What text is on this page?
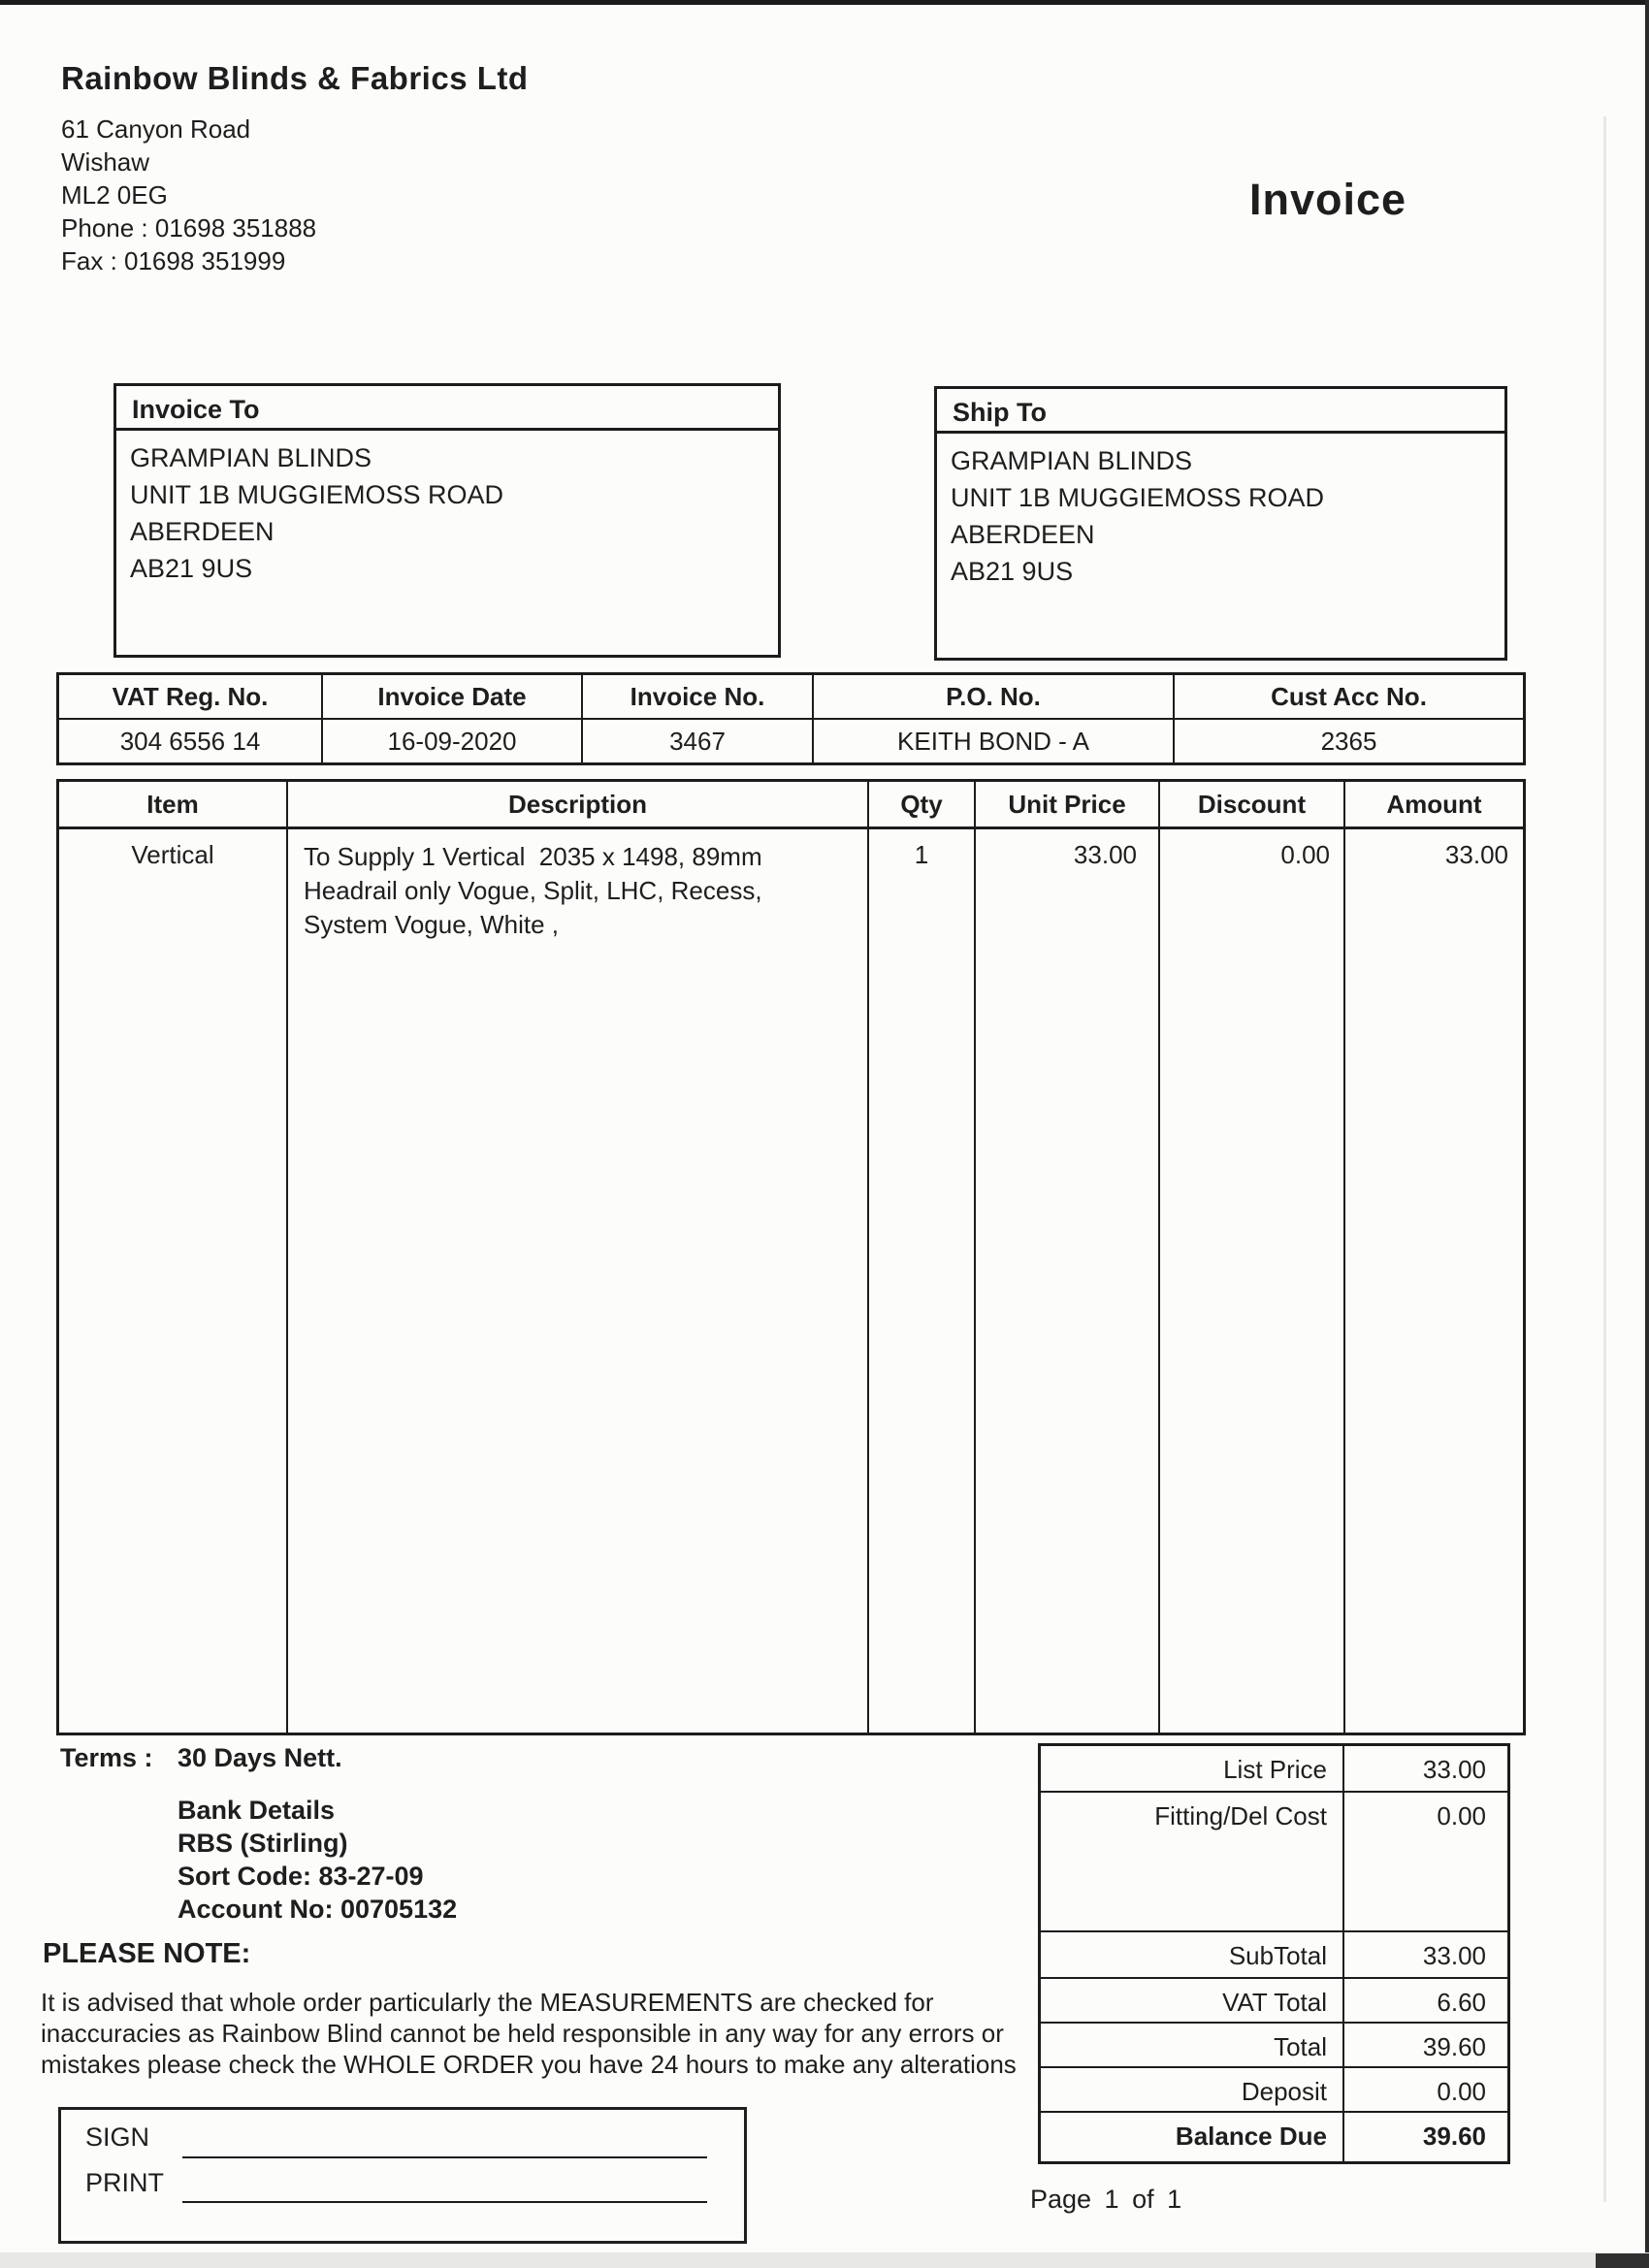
Rainbow Blinds & Fabrics Ltd
61 Canyon Road
Wishaw
ML2 0EG
Phone : 01698 351888
Fax : 01698 351999
Invoice
Invoice To
GRAMPIAN BLINDS
UNIT 1B MUGGIEMOSS ROAD
ABERDEEN
AB21 9US
Ship To
GRAMPIAN BLINDS
UNIT 1B MUGGIEMOSS ROAD
ABERDEEN
AB21 9US
VAT Reg. No.	Invoice Date	Invoice No.	P.O. No.	Cust Acc No.
304 6556 14	16-09-2020	3467	KEITH BOND - A	2365
Item	Description	Qty	Unit Price	Discount	Amount
Vertical	To Supply 1 Vertical  2035 x 1498, 89mm
Headrail only Vogue, Split, LHC, Recess,
System Vogue, White ,
1	33.00	0.00	33.00
Terms : 30 Days Nett.
Bank Details
RBS (Stirling)
Sort Code: 83-27-09
Account No: 00705132
PLEASE NOTE:
It is advised that whole order particularly the MEASUREMENTS are checked for
inaccuracies as Rainbow Blind cannot be held responsible in any way for any errors or
mistakes please check the WHOLE ORDER you have 24 hours to make any alterations
List Price	33.00
Fitting/Del Cost	0.00
SubTotal	33.00
VAT Total	6.60
Total	39.60
Deposit	0.00
Balance Due	39.60
SIGN
PRINT
Page 1 of 1
